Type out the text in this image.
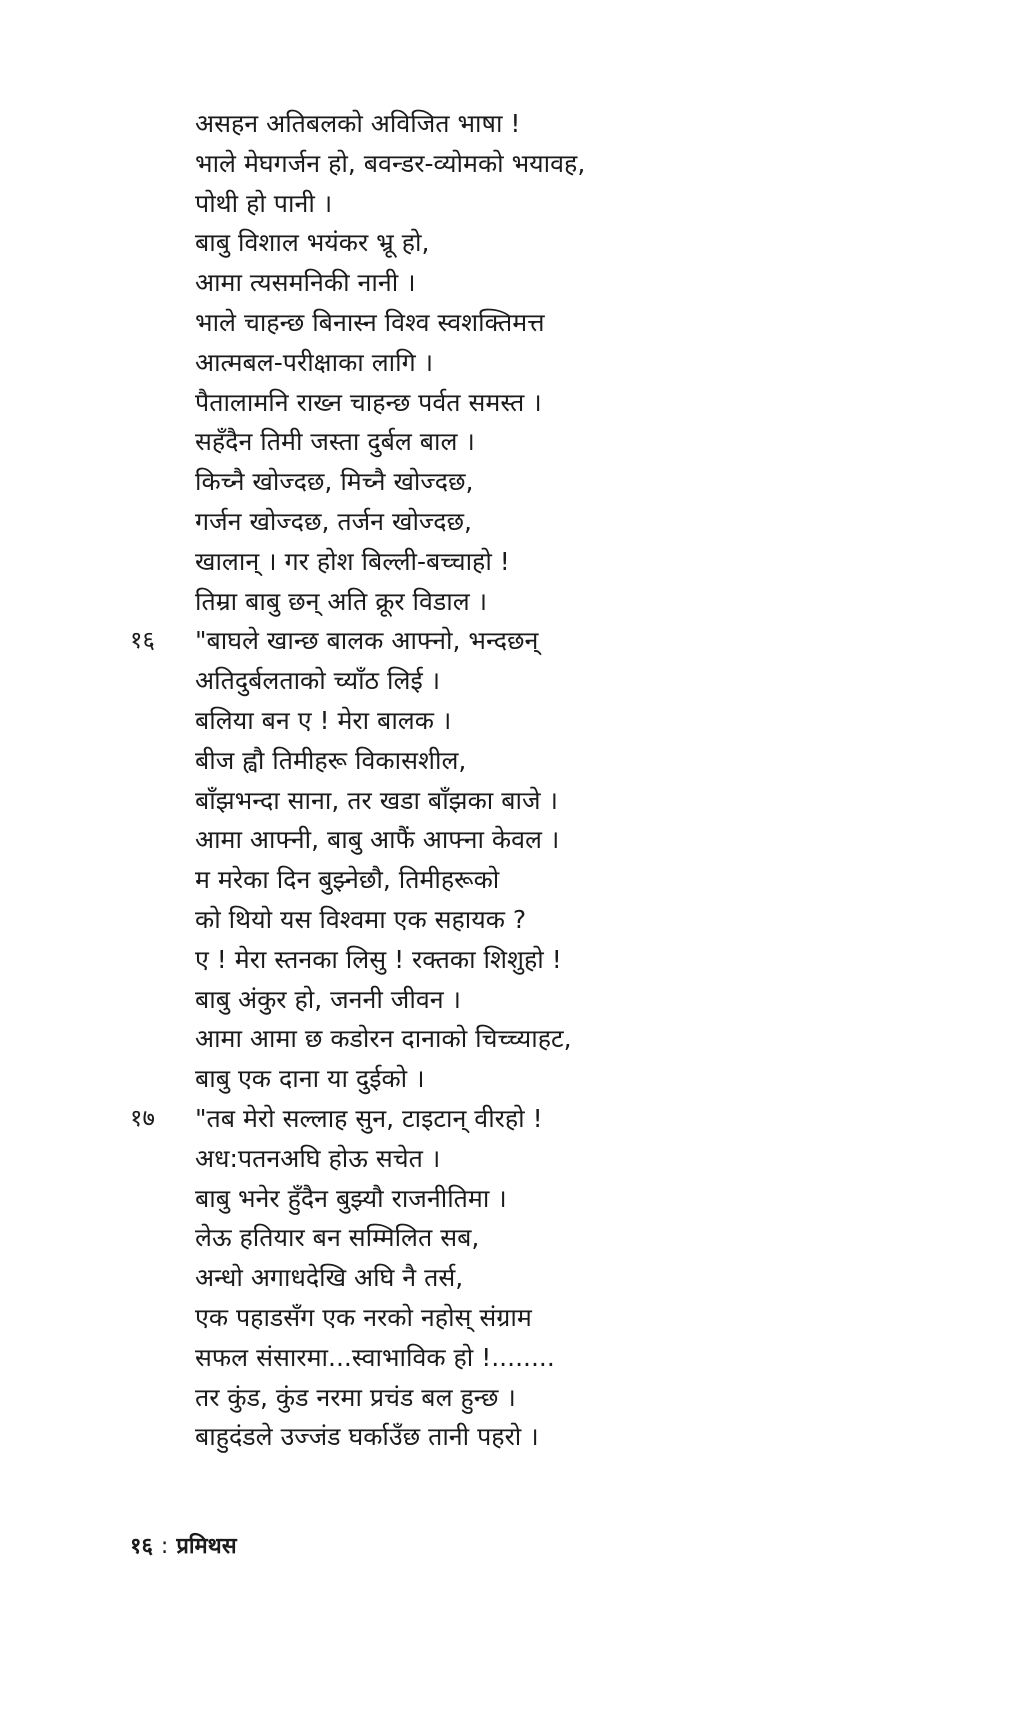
असहन अतिबलको अविजित भाषा !
भाले मेघगर्जन हो, बवन्डर-व्योमको भयावह,
पोथी हो पानी ।
बाबु विशाल भयंकर भ्रू हो,
आमा त्यसमनिकी नानी ।
भाले चाहन्छ बिनास्न विश्व स्वशक्तिमत्त
आत्मबल-परीक्षाका लागि ।
पैतालामनि राख्न चाहन्छ पर्वत समस्त ।
सहँदैन तिमी जस्ता दुर्बल बाल ।
किच्नै खोज्दछ, मिच्नै खोज्दछ,
गर्जन खोज्दछ, तर्जन खोज्दछ,
खालान् । गर होश बिल्ली-बच्चाहो !
तिम्रा बाबु छन् अति क्रूर विडाल ।
१६	"बाघले खान्छ बालक आफ्नो, भन्दछन्
अतिदुर्बलताको च्याँठ लिई ।
बलिया बन ए ! मेरा बालक ।
बीज ह्वौ तिमीहरू विकासशील,
बाँझभन्दा साना, तर खडा बाँझका बाजे ।
आमा आफ्नी, बाबु आफैं आफ्ना केवल ।
म मरेका दिन बुझ्नेछौ, तिमीहरूको
को थियो यस विश्वमा एक सहायक ?
ए ! मेरा स्तनका लिसु ! रक्तका शिशुहो !
बाबु अंकुर हो, जननी जीवन ।
आमा आमा छ कडोरन दानाको चिच्च्याहट,
बाबु एक दाना या दुईको ।
१७	"तब मेरो सल्लाह सुन, टाइटान् वीरहो !
अध:पतनअघि होऊ सचेत ।
बाबु भनेर हुँदैन बुझ्यौ राजनीतिमा ।
लेऊ हतियार बन सम्मिलित सब,
अन्धो अगाधदेखि अघि नै तर्स,
एक पहाडसँग एक नरको नहोस् संग्राम
सफल संसारमा...स्वाभाविक हो !........
तर कुंड, कुंड नरमा प्रचंड बल हुन्छ ।
बाहुदंडले उज्जंड घर्काउँछ तानी पहरो ।
१६ : प्रमिथस
